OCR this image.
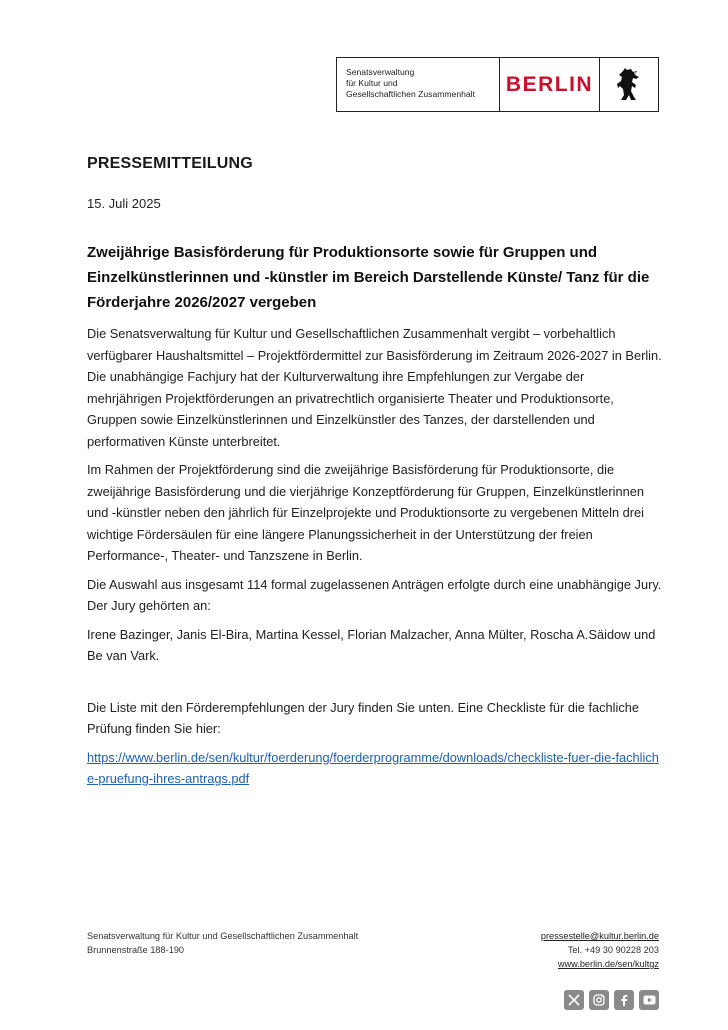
Senatsverwaltung
für Kultur und
Gesellschaftlichen Zusammenhalt	BERLIN
PRESSEMITTEILUNG
15. Juli 2025
Zweijährige Basisförderung für Produktionsorte sowie für Gruppen und Einzelkünstlerinnen und -künstler im Bereich Darstellende Künste/ Tanz für die Förderjahre 2026/2027 vergeben

Die Senatsverwaltung für Kultur und Gesellschaftlichen Zusammenhalt vergibt – vorbehaltlich verfügbarer Haushaltsmittel – Projektfördermittel zur Basisförderung im Zeitraum 2026-2027 in Berlin. Die unabhängige Fachjury hat der Kulturverwaltung ihre Empfehlungen zur Vergabe der mehrjährigen Projektförderungen an privatrechtlich organisierte Theater und Produktionsorte, Gruppen sowie Einzelkünstlerinnen und Einzelkünstler des Tanzes, der darstellenden und performativen Künste unterbreitet.

Im Rahmen der Projektförderung sind die zweijährige Basisförderung für Produktionsorte, die zweijährige Basisförderung und die vierjährige Konzeptförderung für Gruppen, Einzelkünstlerinnen und -künstler neben den jährlich für Einzelprojekte und Produktionsorte zu vergebenen Mitteln drei wichtige Fördersäulen für eine längere Planungssicherheit in der Unterstützung der freien Performance-, Theater- und Tanzszene in Berlin.

Die Auswahl aus insgesamt 114 formal zugelassenen Anträgen erfolgte durch eine unabhängige Jury. Der Jury gehörten an:

Irene Bazinger, Janis El-Bira, Martina Kessel, Florian Malzacher, Anna Mülter, Roscha A.Säidow und Be van Vark.

Die Liste mit den Förderempfehlungen der Jury finden Sie unten. Eine Checkliste für die fachliche Prüfung finden Sie hier:

https://www.berlin.de/sen/kultur/foerderung/foerderprogramme/downloads/checkliste-fuer-die-fachliche-pruefung-ihres-antrags.pdf
Senatsverwaltung für Kultur und Gesellschaftlichen Zusammenhalt
Brunnenstraße 188-190
pressestelle@kultur.berlin.de
Tel. +49 30 90228 203
www.berlin.de/sen/kultgz
